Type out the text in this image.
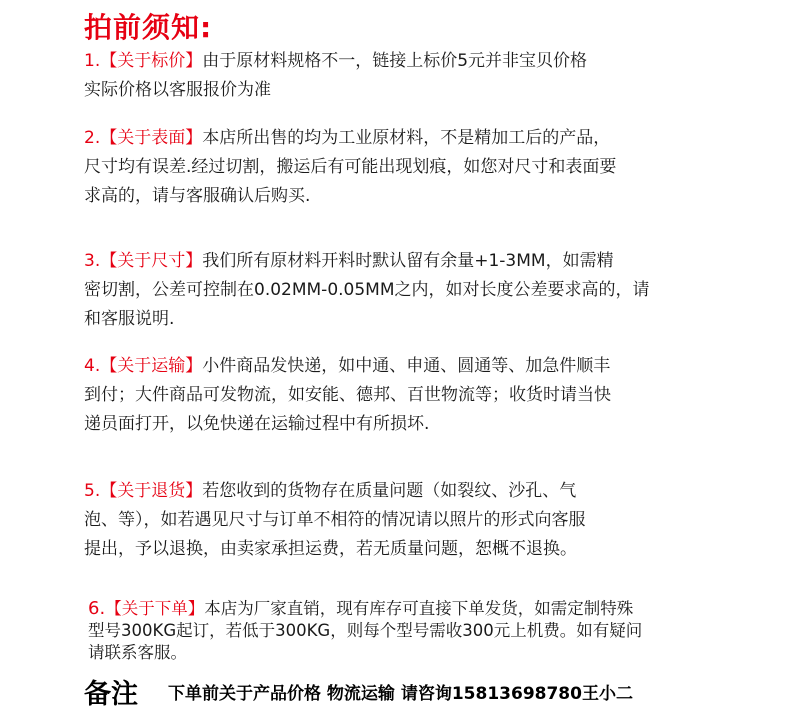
拍前须知:
1.【关于标价】由于原材料规格不一，链接上标价5元并非宝贝价格
实际价格以客服报价为准
2.【关于表面】本店所出售的均为工业原材料，不是精加工后的产品，
尺寸均有误差.经过切割，搬运后有可能出现划痕，如您对尺寸和表面要
求高的，请与客服确认后购买.
3.【关于尺寸】我们所有原材料开料时默认留有余量+1-3MM，如需精
密切割，公差可控制在0.02MM-0.05MM之内，如对长度公差要求高的，请
和客服说明.
4.【关于运输】小件商品发快递，如中通、申通、圆通等、加急件顺丰
到付；大件商品可发物流，如安能、德邦、百世物流等；收货时请当快
递员面打开，以免快递在运输过程中有所损坏.
5.【关于退货】若您收到的货物存在质量问题（如裂纹、沙孔、气
泡、等），如若遇见尺寸与订单不相符的情况请以照片的形式向客服
提出，予以退换，由卖家承担运费，若无质量问题，恕概不退换。
6.【关于下单】本店为厂家直销，现有库存可直接下单发货，如需定制特殊
型号300KG起订，若低于300KG，则每个型号需收300元上机费。如有疑问
请联系客服。
备注 下单前关于产品价格 物流运输 请咨询15813698780王小二
